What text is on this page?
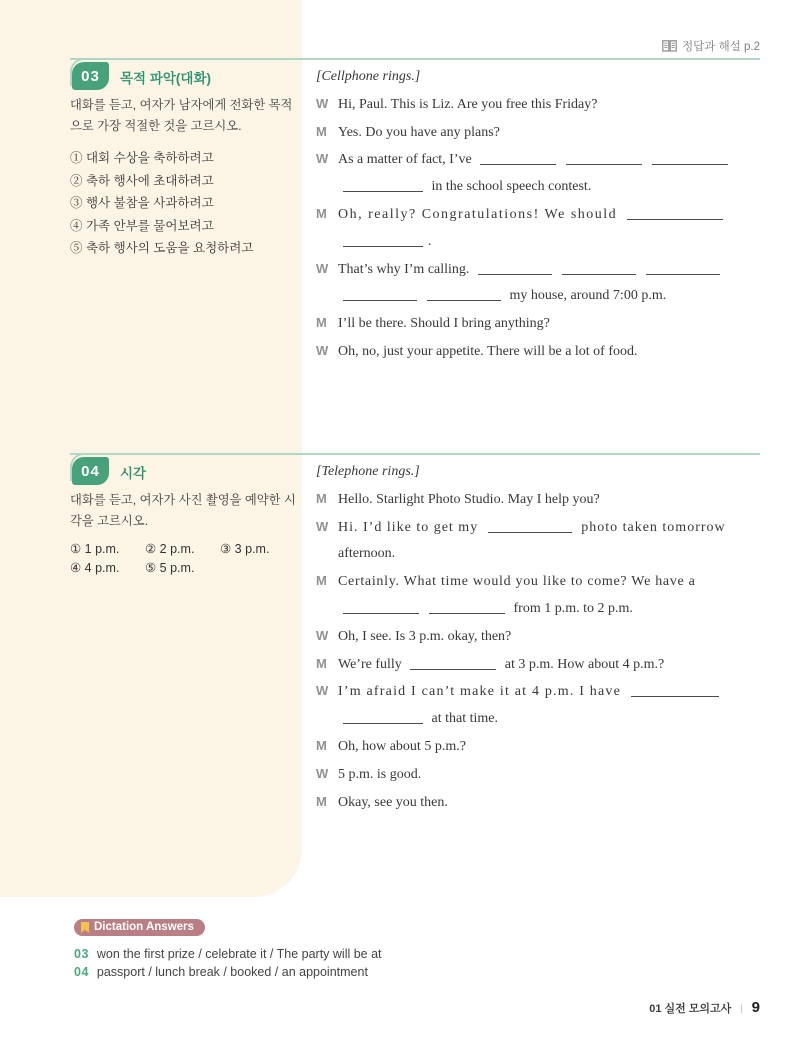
정답과 해설 p.2
03	목적 파악(대화)
대화를 듣고, 여자가 남자에게 전화한 목적으로 가장 적절한 것을 고르시오.
① 대회 수상을 축하하려고
② 축하 행사에 초대하려고
③ 행사 불참을 사과하려고
④ 가족 안부를 물어보려고
⑤ 축하 행사의 도움을 요청하려고
[Cellphone rings.]
W Hi, Paul. This is Liz. Are you free this Friday?
M Yes. Do you have any plans?
W As a matter of fact, I’ve
in the school speech contest.
M Oh, really? Congratulations! We should
.
W That’s why I’m calling.
my house, around 7:00 p.m.
M I’ll be there. Should I bring anything?
W Oh, no, just your appetite. There will be a lot of food.
04	시각
대화를 듣고, 여자가 사진 촬영을 예약한 시각을 고르시오.
① 1 p.m.	② 2 p.m.	③ 3 p.m.
④ 4 p.m.	⑤ 5 p.m.
[Telephone rings.]
M Hello. Starlight Photo Studio. May I help you?
W Hi. I’d like to get my	photo taken tomorrow
afternoon.
M Certainly. What time would you like to come? We have a
from 1 p.m. to 2 p.m.
W Oh, I see. Is 3 p.m. okay, then?
M We’re fully	at 3 p.m. How about 4 p.m.?
W I’m afraid I can’t make it at 4 p.m. I have
at that time.
M Oh, how about 5 p.m.?
W 5 p.m. is good.
M Okay, see you then.
Dictation Answers
03 won the first prize / celebrate it / The party will be at
04 passport / lunch break / booked / an appointment
01 실전 모의고사 | 9
